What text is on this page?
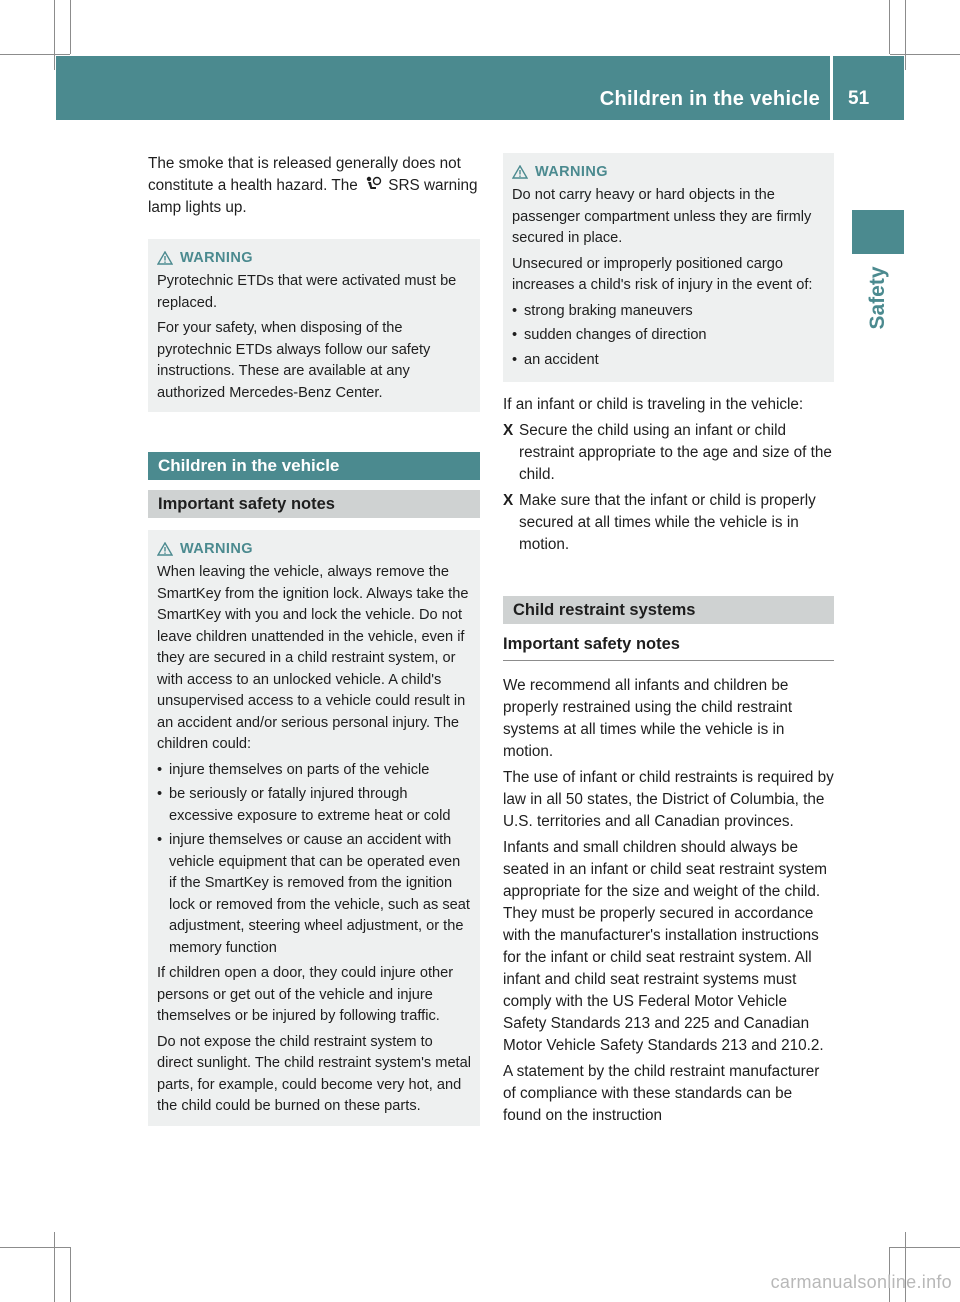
Children in the vehicle 51
Safety

The smoke that is released generally does not constitute a health hazard. The SRS warning lamp lights up.

WARNING

Pyrotechnic ETDs that were activated must be replaced.

For your safety, when disposing of the pyrotechnic ETDs always follow our safety instructions. These are available at any authorized Mercedes-Benz Center.

Children in the vehicle
Important safety notes
WARNING

When leaving the vehicle, always remove the SmartKey from the ignition lock. Always take the SmartKey with you and lock the vehicle. Do not leave children unattended in the vehicle, even if they are secured in a child restraint system, or with access to an unlocked vehicle. A child's unsupervised access to a vehicle could result in an accident and/or serious personal injury. The children could:

• injure themselves on parts of the vehicle
• be seriously or fatally injured through excessive exposure to extreme heat or cold
• injure themselves or cause an accident with vehicle equipment that can be operated even if the SmartKey is removed from the ignition lock or removed from the vehicle, such as seat adjustment, steering wheel adjustment, or the memory function

If children open a door, they could injure other persons or get out of the vehicle and injure themselves or be injured by following traffic.

Do not expose the child restraint system to direct sunlight. The child restraint system's metal parts, for example, could become very hot, and the child could be burned on these parts.

WARNING

Do not carry heavy or hard objects in the passenger compartment unless they are firmly secured in place.

Unsecured or improperly positioned cargo increases a child's risk of injury in the event of:

• strong braking maneuvers
• sudden changes of direction
• an accident

If an infant or child is traveling in the vehicle:

X Secure the child using an infant or child restraint appropriate to the age and size of the child.
X Make sure that the infant or child is properly secured at all times while the vehicle is in motion.
Child restraint systems
Important safety notes

We recommend all infants and children be properly restrained using the child restraint systems at all times while the vehicle is in motion.

The use of infant or child restraints is required by law in all 50 states, the District of Columbia, the U.S. territories and all Canadian provinces.

Infants and small children should always be seated in an infant or child seat restraint system appropriate for the size and weight of the child. They must be properly secured in accordance with the manufacturer's installation instructions for the infant or child seat restraint system. All infant and child seat restraint systems must comply with the US Federal Motor Vehicle Safety Standards 213 and 225 and Canadian Motor Vehicle Safety Standards 213 and 210.2.

A statement by the child restraint manufacturer of compliance with these standards can be found on the instruction

carmanualsonline.info
